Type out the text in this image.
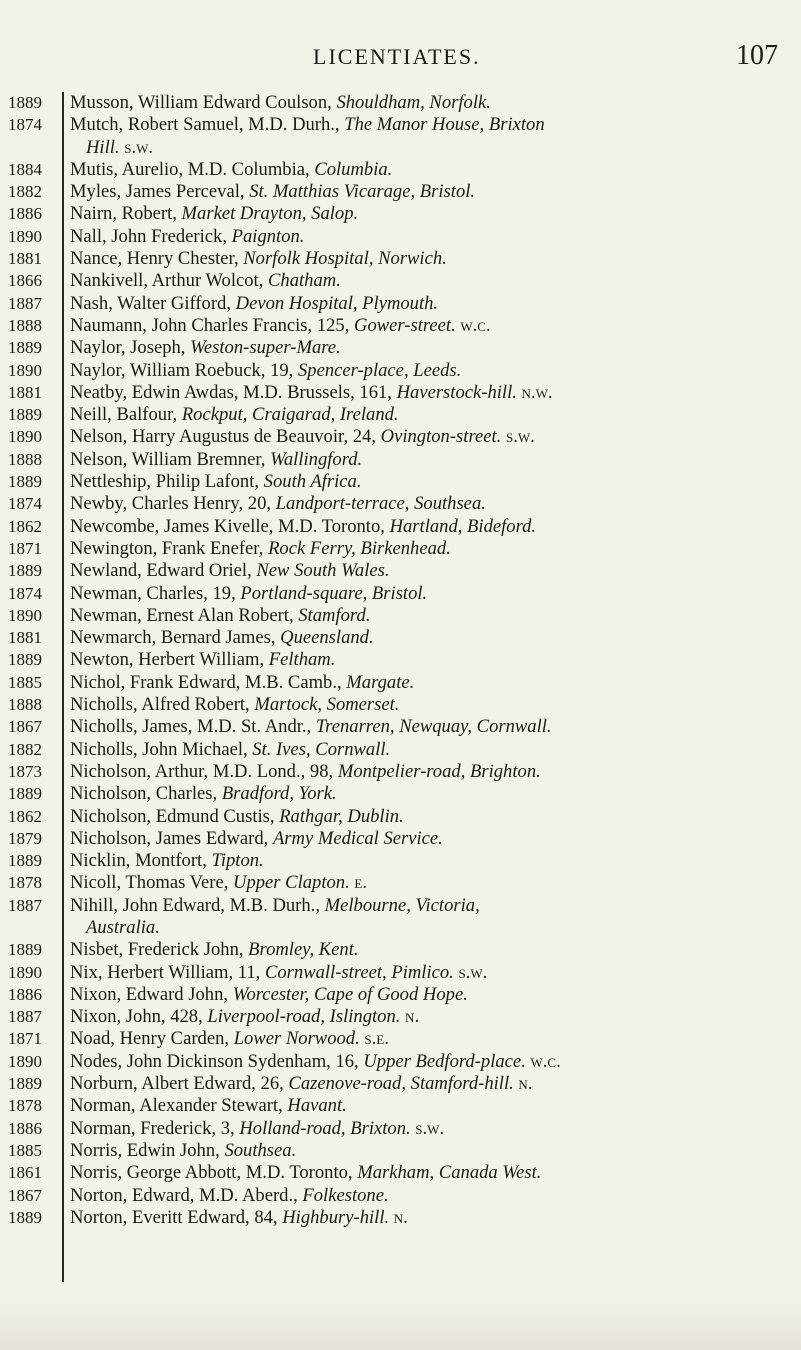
LICENTIATES.	107
1889	Musson, William Edward Coulson, Shouldham, Norfolk.
1874	Mutch, Robert Samuel, M.D. Durh., The Manor House, Brixton
Hill. s.w.
1884	Mutis, Aurelio, M.D. Columbia, Columbia.
1882	Myles, James Perceval, St. Matthias Vicarage, Bristol.
1886	Nairn, Robert, Market Drayton, Salop.
1890	Nall, John Frederick, Paignton.
1881	Nance, Henry Chester, Norfolk Hospital, Norwich.
1866	Nankivell, Arthur Wolcot, Chatham.
1887	Nash, Walter Gifford, Devon Hospital, Plymouth.
1888	Naumann, John Charles Francis, 125, Gower-street. w.c.
1889	Naylor, Joseph, Weston-super-Mare.
1890	Naylor, William Roebuck, 19, Spencer-place, Leeds.
1881	Neatby, Edwin Awdas, M.D. Brussels, 161, Haverstock-hill. n.w.
1889	Neill, Balfour, Rockput, Craigarad, Ireland.
1890	Nelson, Harry Augustus de Beauvoir, 24, Ovington-street. s.w.
1888	Nelson, William Bremner, Wallingford.
1889	Nettleship, Philip Lafont, South Africa.
1874	Newby, Charles Henry, 20, Landport-terrace, Southsea.
1862	Newcombe, James Kivelle, M.D. Toronto, Hartland, Bideford.
1871	Newington, Frank Enefer, Rock Ferry, Birkenhead.
1889	Newland, Edward Oriel, New South Wales.
1874	Newman, Charles, 19, Portland-square, Bristol.
1890	Newman, Ernest Alan Robert, Stamford.
1881	Newmarch, Bernard James, Queensland.
1889	Newton, Herbert William, Feltham.
1885	Nichol, Frank Edward, M.B. Camb., Margate.
1888	Nicholls, Alfred Robert, Martock, Somerset.
1867	Nicholls, James, M.D. St. Andr., Trenarren, Newquay, Cornwall.
1882	Nicholls, John Michael, St. Ives, Cornwall.
1873	Nicholson, Arthur, M.D. Lond., 98, Montpelier-road, Brighton.
1889	Nicholson, Charles, Bradford, York.
1862	Nicholson, Edmund Custis, Rathgar, Dublin.
1879	Nicholson, James Edward, Army Medical Service.
1889	Nicklin, Montfort, Tipton.
1878	Nicoll, Thomas Vere, Upper Clapton. e.
1887	Nihill, John Edward, M.B. Durh., Melbourne, Victoria,
Australia.
1889	Nisbet, Frederick John, Bromley, Kent.
1890	Nix, Herbert William, 11, Cornwall-street, Pimlico. s.w.
1886	Nixon, Edward John, Worcester, Cape of Good Hope.
1887	Nixon, John, 428, Liverpool-road, Islington. n.
1871	Noad, Henry Carden, Lower Norwood. s.e.
1890	Nodes, John Dickinson Sydenham, 16, Upper Bedford-place. w.c.
1889	Norburn, Albert Edward, 26, Cazenove-road, Stamford-hill. n.
1878	Norman, Alexander Stewart, Havant.
1886	Norman, Frederick, 3, Holland-road, Brixton. s.w.
1885	Norris, Edwin John, Southsea.
1861	Norris, George Abbott, M.D. Toronto, Markham, Canada West.
1867	Norton, Edward, M.D. Aberd., Folkestone.
1889	Norton, Everitt Edward, 84, Highbury-hill. n.
